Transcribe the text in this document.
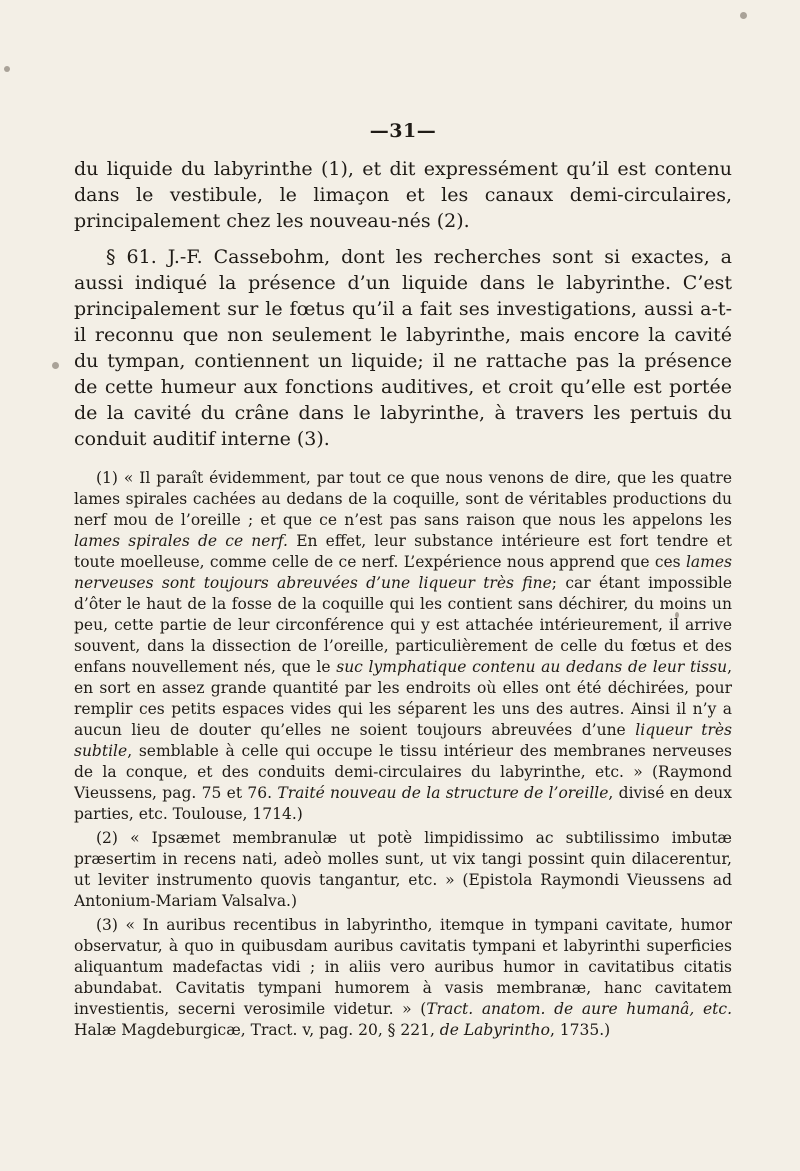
—31—

du liquide du labyrinthe (1), et dit expressément qu’il est contenu dans le vestibule, le limaçon et les canaux demi-circulaires, principalement chez les nouveau-nés (2).

§ 61. J.-F. Cassebohm, dont les recherches sont si exactes, a aussi indiqué la présence d’un liquide dans le labyrinthe. C’est principalement sur le fœtus qu’il a fait ses investigations, aussi a-t-il reconnu que non seulement le labyrinthe, mais encore la cavité du tympan, contiennent un liquide; il ne rattache pas la présence de cette humeur aux fonctions auditives, et croit qu’elle est portée de la cavité du crâne dans le labyrinthe, à travers les pertuis du conduit auditif interne (3).

(1) « Il paraît évidemment, par tout ce que nous venons de dire, que les quatre lames spirales cachées au dedans de la coquille, sont de véritables productions du nerf mou de l’oreille ; et que ce n’est pas sans raison que nous les appelons les lames spirales de ce nerf. En effet, leur substance intérieure est fort tendre et toute moelleuse, comme celle de ce nerf. L’expérience nous apprend que ces lames nerveuses sont toujours abreuvées d’une liqueur très fine; car étant impossible d’ôter le haut de la fosse de la coquille qui les contient sans déchirer, du moins un peu, cette partie de leur circonférence qui y est attachée intérieurement, il arrive souvent, dans la dissection de l’oreille, particulièrement de celle du fœtus et des enfans nouvellement nés, que le suc lymphatique contenu au dedans de leur tissu, en sort en assez grande quantité par les endroits où elles ont été déchirées, pour remplir ces petits espaces vides qui les séparent les uns des autres. Ainsi il n’y a aucun lieu de douter qu’elles ne soient toujours abreuvées d’une liqueur très subtile, semblable à celle qui occupe le tissu intérieur des membranes nerveuses de la conque, et des conduits demi-circulaires du labyrinthe, etc. » (Raymond Vieussens, pag. 75 et 76. Traité nouveau de la structure de l’oreille, divisé en deux parties, etc. Toulouse, 1714.)

(2) « Ipsæmet membranulæ ut potè limpidissimo ac subtilissimo imbutæ præsertim in recens nati, adeò molles sunt, ut vix tangi possint quin dilacerentur, ut leviter instrumento quovis tangantur, etc. » (Epistola Raymondi Vieussens ad Antonium-Mariam Valsalva.)

(3) « In auribus recentibus in labyrintho, itemque in tympani cavitate, humor observatur, à quo in quibusdam auribus cavitatis tympani et labyrinthi superficies aliquantum madefactas vidi ; in aliis vero auribus humor in cavitatibus citatis abundabat. Cavitatis tympani humorem à vasis membranæ, hanc cavitatem investientis, secerni verosimile videtur. » (Tract. anatom. de aure humanâ, etc. Halæ Magdeburgicæ, Tract. v, pag. 20, § 221, de Labyrintho, 1735.)
